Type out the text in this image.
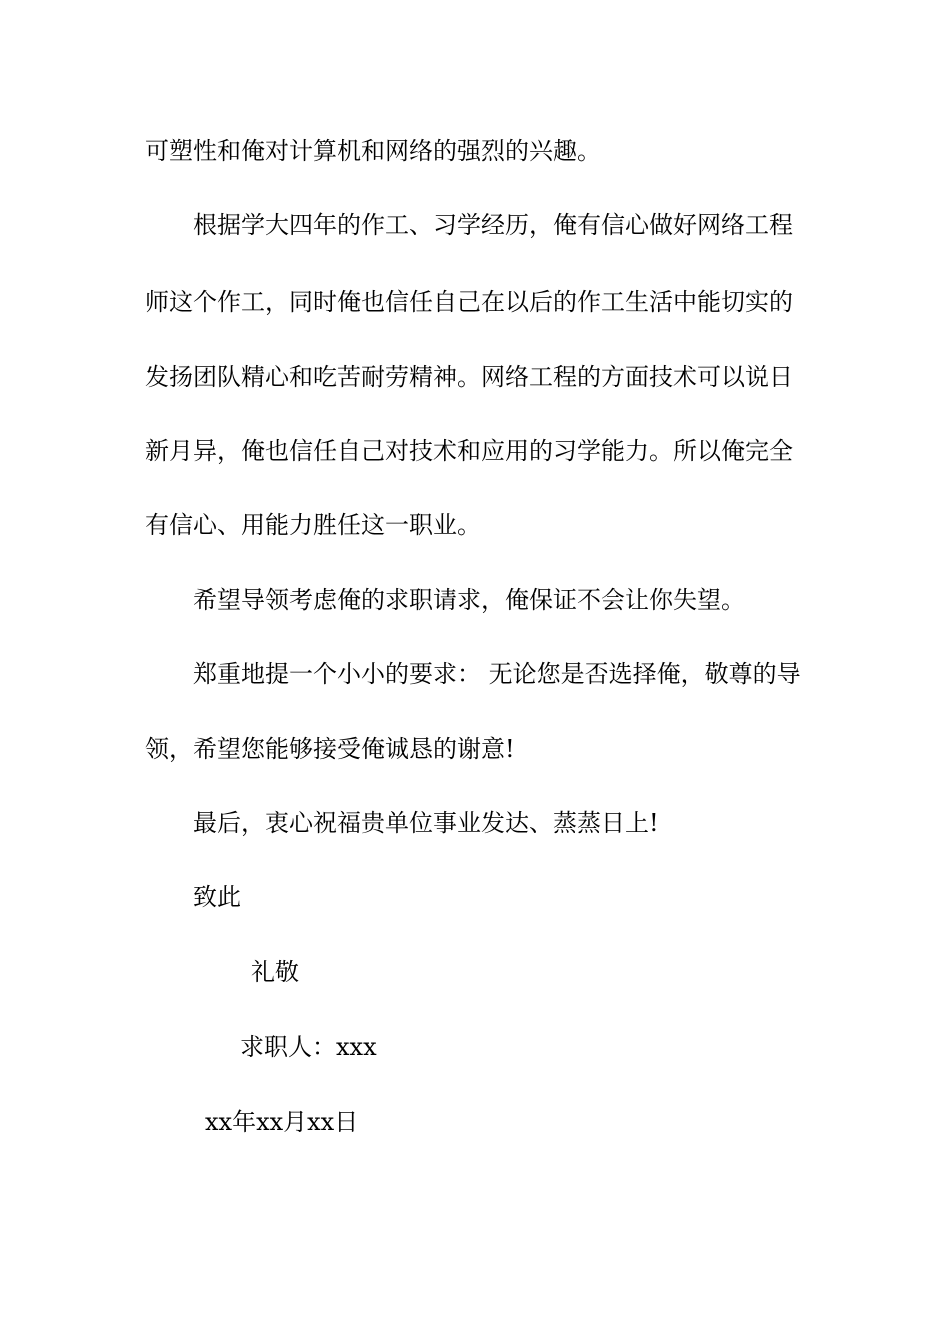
可塑性和俺对计算机和网络的强烈的兴趣。
根据学大四年的作工、习学经历，俺有信心做好网络工程
师这个作工，同时俺也信任自己在以后的作工生活中能切实的
发扬团队精心和吃苦耐劳精神。网络工程的方面技术可以说日
新月异，俺也信任自己对技术和应用的习学能力。所以俺完全
有信心、用能力胜任这一职业。
希望导领考虑俺的求职请求，俺保证不会让你失望。
郑重地提一个小小的要求： 无论您是否选择俺，敬尊的导
领，希望您能够接受俺诚恳的谢意!
最后，衷心祝福贵单位事业发达、蒸蒸日上!
致此
礼敬
求职人：xxx
xx年xx月xx日
